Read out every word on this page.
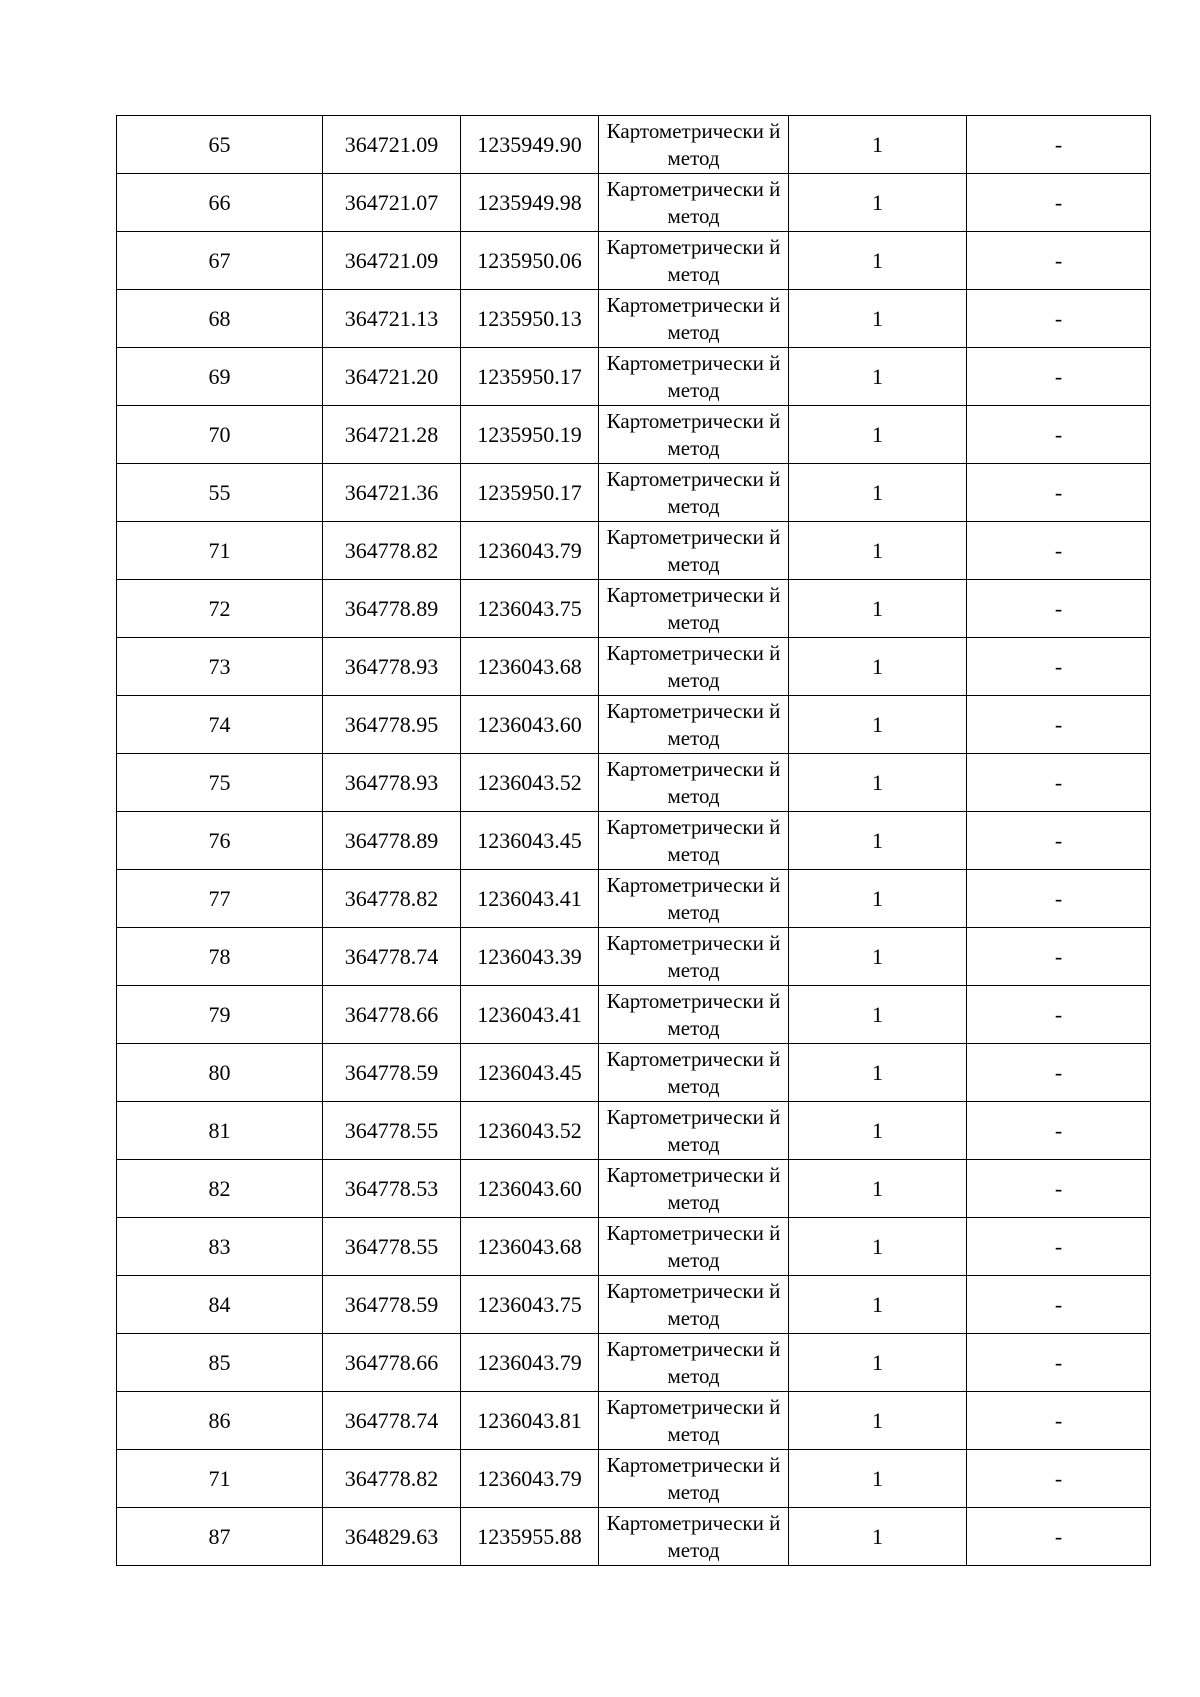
65	364721.09	1235949.90	Картометрически й метод	1	-
66	364721.07	1235949.98	Картометрически й метод	1	-
67	364721.09	1235950.06	Картометрически й метод	1	-
68	364721.13	1235950.13	Картометрически й метод	1	-
69	364721.20	1235950.17	Картометрически й метод	1	-
70	364721.28	1235950.19	Картометрически й метод	1	-
55	364721.36	1235950.17	Картометрически й метод	1	-
71	364778.82	1236043.79	Картометрически й метод	1	-
72	364778.89	1236043.75	Картометрически й метод	1	-
73	364778.93	1236043.68	Картометрически й метод	1	-
74	364778.95	1236043.60	Картометрически й метод	1	-
75	364778.93	1236043.52	Картометрически й метод	1	-
76	364778.89	1236043.45	Картометрически й метод	1	-
77	364778.82	1236043.41	Картометрически й метод	1	-
78	364778.74	1236043.39	Картометрически й метод	1	-
79	364778.66	1236043.41	Картометрически й метод	1	-
80	364778.59	1236043.45	Картометрически й метод	1	-
81	364778.55	1236043.52	Картометрически й метод	1	-
82	364778.53	1236043.60	Картометрически й метод	1	-
83	364778.55	1236043.68	Картометрически й метод	1	-
84	364778.59	1236043.75	Картометрически й метод	1	-
85	364778.66	1236043.79	Картометрически й метод	1	-
86	364778.74	1236043.81	Картометрически й метод	1	-
71	364778.82	1236043.79	Картометрически й метод	1	-
87	364829.63	1235955.88	Картометрически й метод	1	-
